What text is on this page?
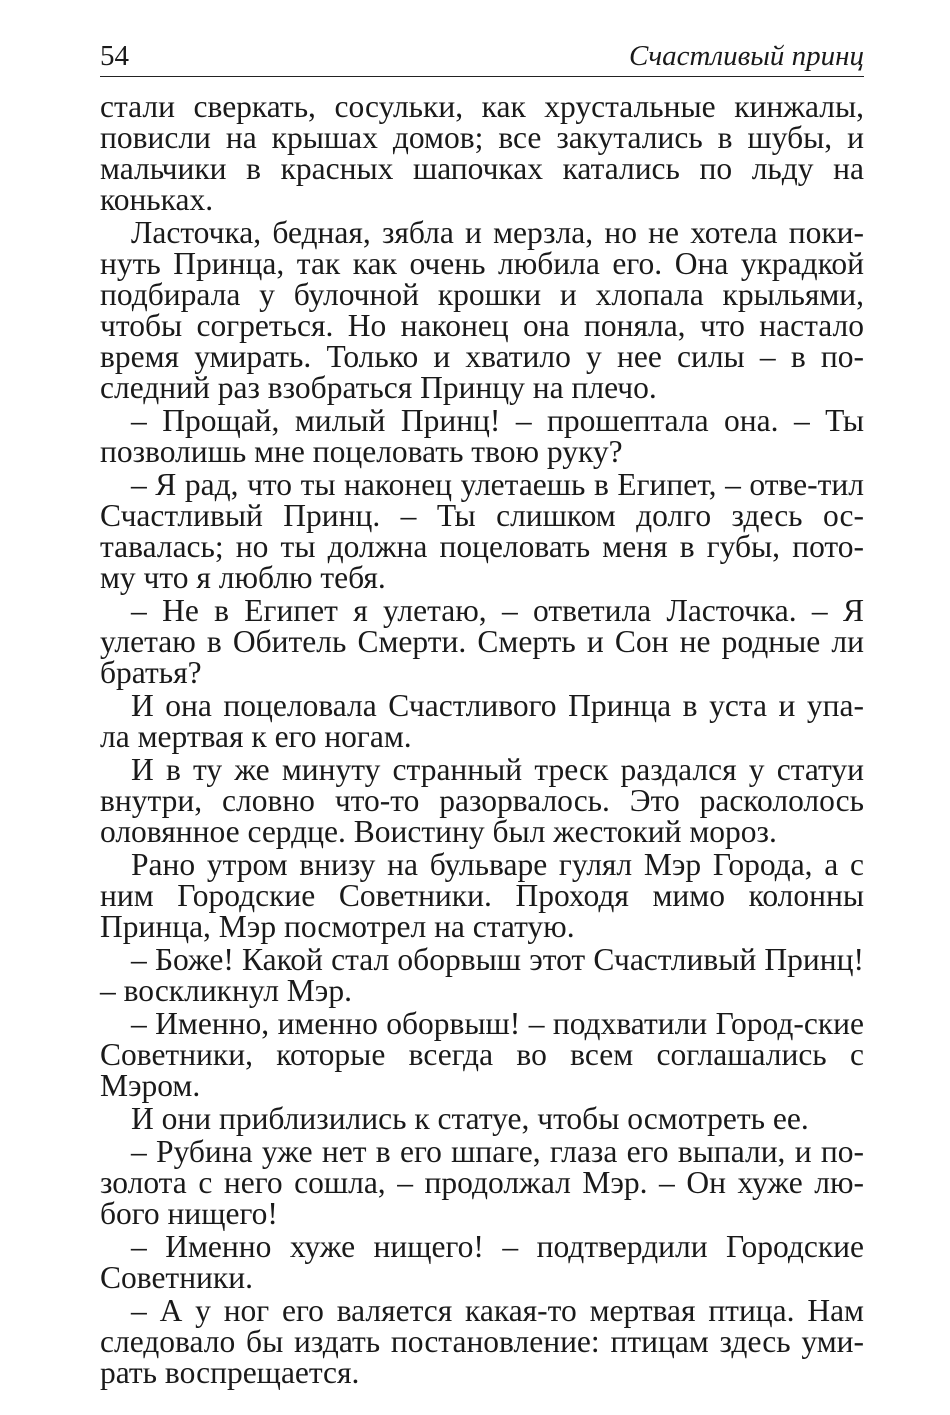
54	Счастливый принц

стали сверкать, сосульки, как хрустальные кинжалы, повисли на крышах домов; все закутались в шубы, и мальчики в красных шапочках катались по льду на коньках.

Ласточка, бедная, зябла и мерзла, но не хотела поки-нуть Принца, так как очень любила его. Она украдкой подбирала у булочной крошки и хлопала крыльями, чтобы согреться. Но наконец она поняла, что настало время умирать. Только и хватило у нее силы – в по-следний раз взобраться Принцу на плечо.

– Прощай, милый Принц! – прошептала она. – Ты позволишь мне поцеловать твою руку?

– Я рад, что ты наконец улетаешь в Египет, – отве-тил Счастливый Принц. – Ты слишком долго здесь ос-тавалась; но ты должна поцеловать меня в губы, пото-му что я люблю тебя.

– Не в Египет я улетаю, – ответила Ласточка. – Я улетаю в Обитель Смерти. Смерть и Сон не родные ли братья?

И она поцеловала Счастливого Принца в уста и упа-ла мертвая к его ногам.

И в ту же минуту странный треск раздался у статуи внутри, словно что-то разорвалось. Это раскололось оловянное сердце. Воистину был жестокий мороз.

Рано утром внизу на бульваре гулял Мэр Города, а с ним Городские Советники. Проходя мимо колонны Принца, Мэр посмотрел на статую.

– Боже! Какой стал оборвыш этот Счастливый Принц! – воскликнул Мэр.

– Именно, именно оборвыш! – подхватили Город-ские Советники, которые всегда во всем соглашались с Мэром.

И они приблизились к статуе, чтобы осмотреть ее.

– Рубина уже нет в его шпаге, глаза его выпали, и по-золота с него сошла, – продолжал Мэр. – Он хуже лю-бого нищего!

– Именно хуже нищего! – подтвердили Городские Советники.

– А у ног его валяется какая-то мертвая птица. Нам следовало бы издать постановление: птицам здесь уми-рать воспрещается.
